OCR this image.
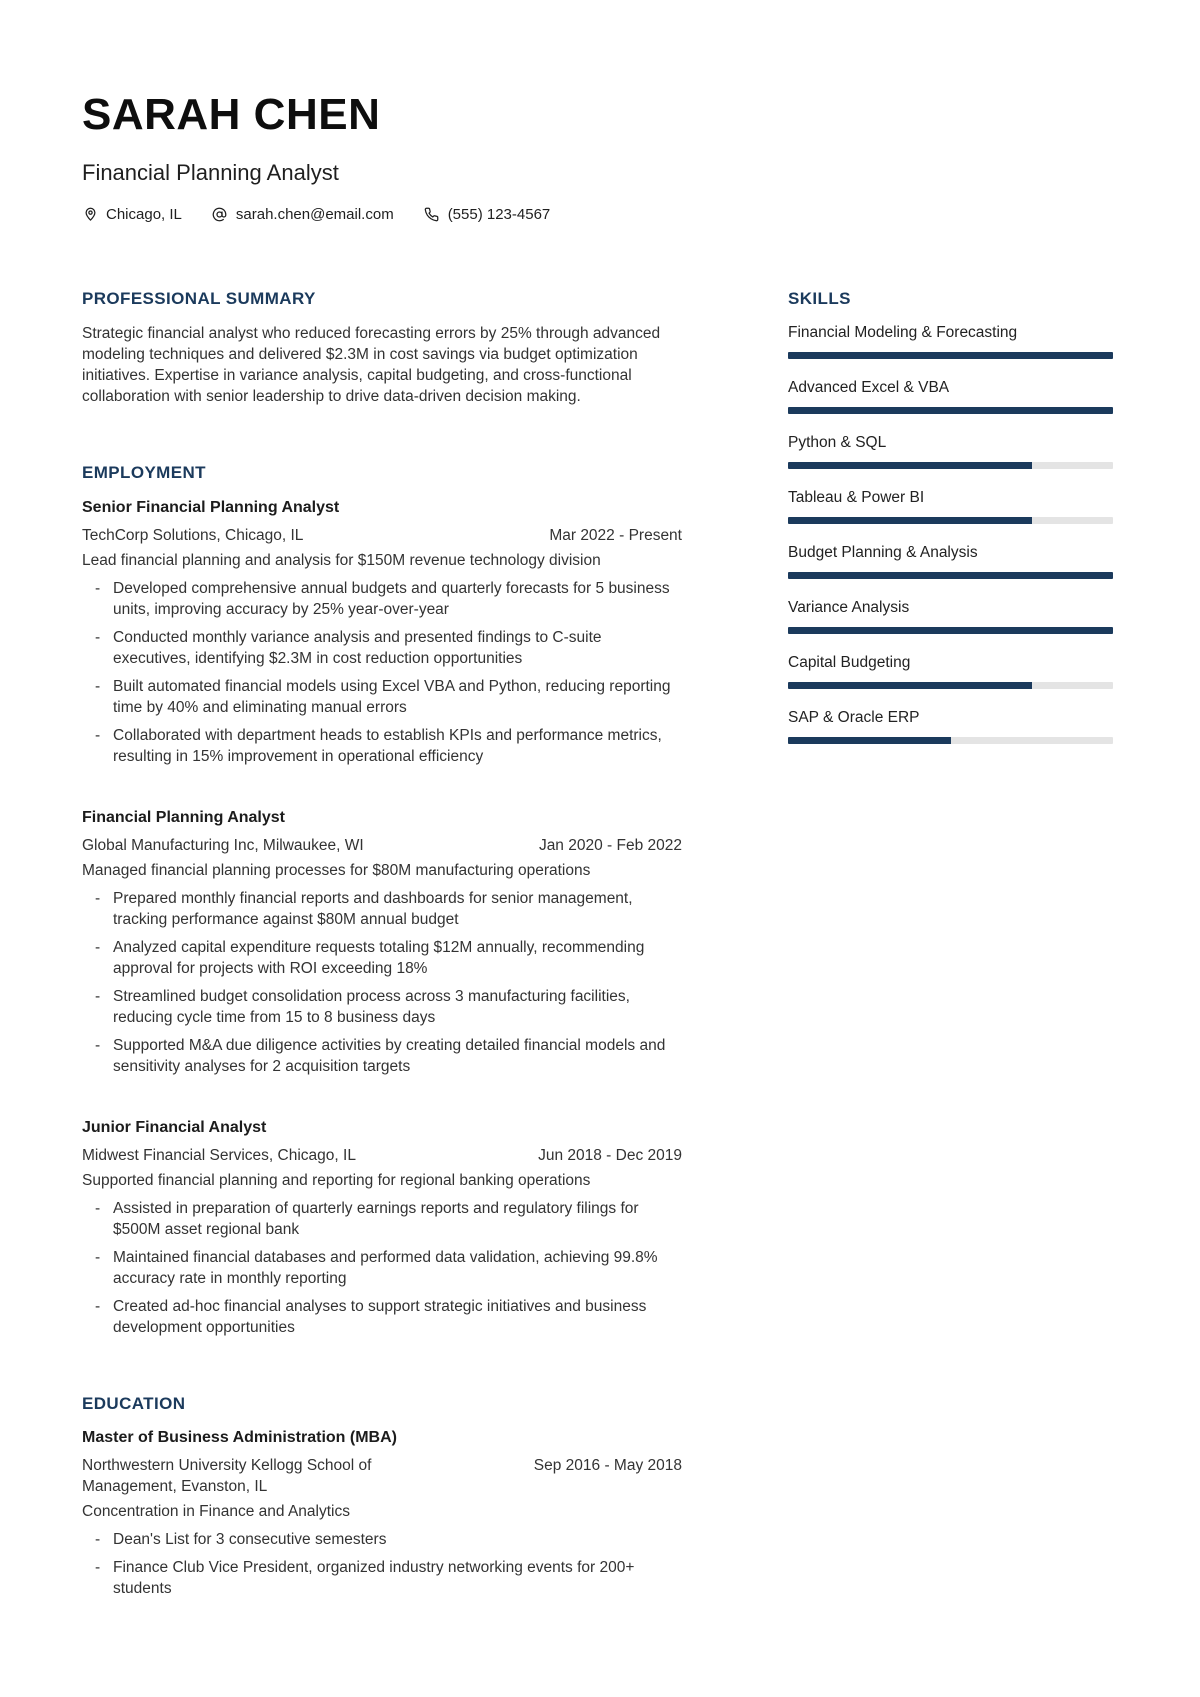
SARAH CHEN
Financial Planning Analyst
Chicago, IL	sarah.chen@email.com	(555) 123-4567
PROFESSIONAL SUMMARY

Strategic financial analyst who reduced forecasting errors by 25% through advanced modeling techniques and delivered $2.3M in cost savings via budget optimization initiatives. Expertise in variance analysis, capital budgeting, and cross-functional collaboration with senior leadership to drive data-driven decision making.

EMPLOYMENT
Senior Financial Planning Analyst
TechCorp Solutions, Chicago, IL	Mar 2022 - Present

Lead financial planning and analysis for $150M revenue technology division

-
Developed comprehensive annual budgets and quarterly forecasts for 5 business units, improving accuracy by 25% year-over-year
-
Conducted monthly variance analysis and presented findings to C-suite executives, identifying $2.3M in cost reduction opportunities
-
Built automated financial models using Excel VBA and Python, reducing reporting time by 40% and eliminating manual errors
-
Collaborated with department heads to establish KPIs and performance metrics, resulting in 15% improvement in operational efficiency
Financial Planning Analyst
Global Manufacturing Inc, Milwaukee, WI	Jan 2020 - Feb 2022

Managed financial planning processes for $80M manufacturing operations

-
Prepared monthly financial reports and dashboards for senior management, tracking performance against $80M annual budget
-
Analyzed capital expenditure requests totaling $12M annually, recommending approval for projects with ROI exceeding 18%
-
Streamlined budget consolidation process across 3 manufacturing facilities, reducing cycle time from 15 to 8 business days
-
Supported M&A due diligence activities by creating detailed financial models and sensitivity analyses for 2 acquisition targets
Junior Financial Analyst
Midwest Financial Services, Chicago, IL	Jun 2018 - Dec 2019

Supported financial planning and reporting for regional banking operations

-
Assisted in preparation of quarterly earnings reports and regulatory filings for $500M asset regional bank
-
Maintained financial databases and performed data validation, achieving 99.8% accuracy rate in monthly reporting
-
Created ad-hoc financial analyses to support strategic initiatives and business development opportunities
EDUCATION
Master of Business Administration (MBA)
Northwestern University Kellogg School of Management, Evanston, IL
Sep 2016 - May 2018

Concentration in Finance and Analytics

-
Dean's List for 3 consecutive semesters
-
Finance Club Vice President, organized industry networking events for 200+ students
SKILLS
Financial Modeling & Forecasting
Advanced Excel & VBA
Python & SQL
Tableau & Power BI
Budget Planning & Analysis
Variance Analysis
Capital Budgeting
SAP & Oracle ERP
